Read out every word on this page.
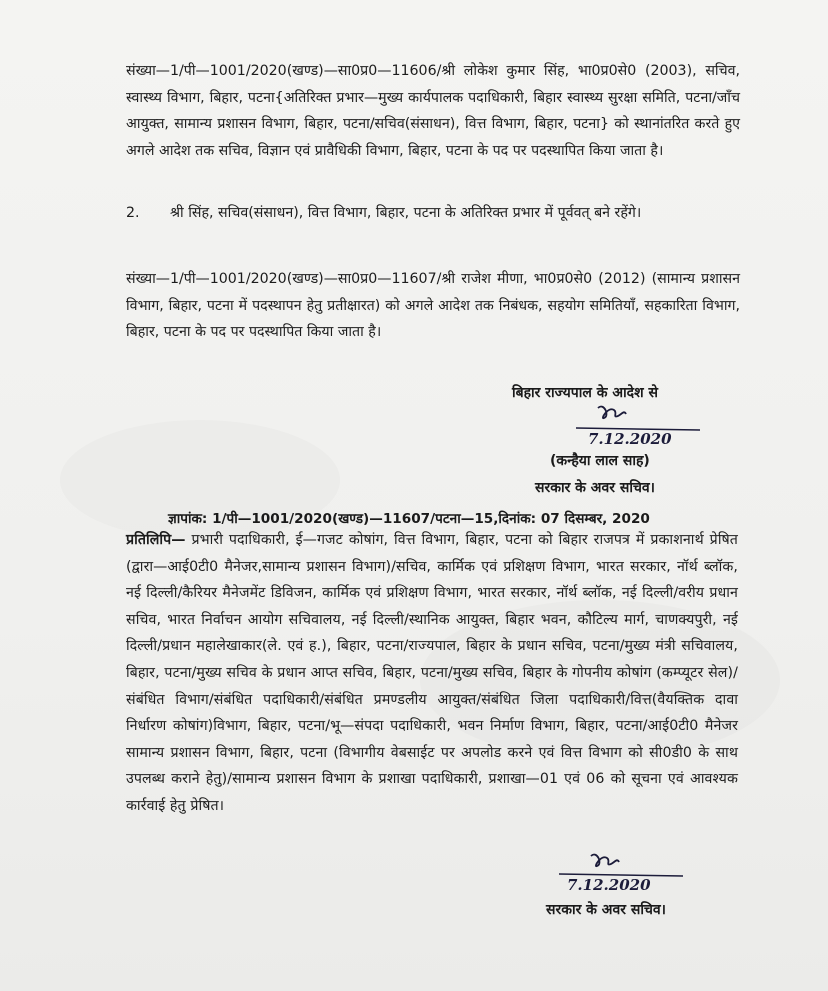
संख्या—1/पी—1001/2020(खण्ड)—सा0प्र0—11606/श्री लोकेश कुमार सिंह, भा0प्र0से0 (2003), सचिव, स्वास्थ्य विभाग, बिहार, पटना{अतिरिक्त प्रभार—मुख्य कार्यपालक पदाधिकारी, बिहार स्वास्थ्य सुरक्षा समिति, पटना/जाँच आयुक्त, सामान्य प्रशासन विभाग, बिहार, पटना/सचिव(संसाधन), वित्त विभाग, बिहार, पटना} को स्थानांतरित करते हुए अगले आदेश तक सचिव, विज्ञान एवं प्रावैधिकी विभाग, बिहार, पटना के पद पर पदस्थापित किया जाता है।
2. श्री सिंह, सचिव(संसाधन), वित्त विभाग, बिहार, पटना के अतिरिक्त प्रभार में पूर्ववत् बने रहेंगे।
संख्या—1/पी—1001/2020(खण्ड)—सा0प्र0—11607/श्री राजेश मीणा, भा0प्र0से0 (2012) (सामान्य प्रशासन विभाग, बिहार, पटना में पदस्थापन हेतु प्रतीक्षारत) को अगले आदेश तक निबंधक, सहयोग समितियाँ, सहकारिता विभाग, बिहार, पटना के पद पर पदस्थापित किया जाता है।
बिहार राज्यपाल के आदेश से
7.12.2020
(कन्हैया लाल साह)
सरकार के अवर सचिव।
ज्ञापांक: 1/पी—1001/2020(खण्ड)—11607/पटना—15,दिनांक: 07 दिसम्बर, 2020
प्रतिलिपि— प्रभारी पदाधिकारी, ई—गजट कोषांग, वित्त विभाग, बिहार, पटना को बिहार राजपत्र में प्रकाशनार्थ प्रेषित (द्वारा—आई0टी0 मैनेजर,सामान्य प्रशासन विभाग)/सचिव, कार्मिक एवं प्रशिक्षण विभाग, भारत सरकार, नॉर्थ ब्लॉक, नई दिल्ली/कैरियर मैनेजमेंट डिविजन, कार्मिक एवं प्रशिक्षण विभाग, भारत सरकार, नॉर्थ ब्लॉक, नई दिल्ली/वरीय प्रधान सचिव, भारत निर्वाचन आयोग सचिवालय, नई दिल्ली/स्थानिक आयुक्त, बिहार भवन, कौटिल्य मार्ग, चाणक्यपुरी, नई दिल्ली/प्रधान महालेखाकार(ले. एवं ह.), बिहार, पटना/राज्यपाल, बिहार के प्रधान सचिव, पटना/मुख्य मंत्री सचिवालय, बिहार, पटना/मुख्य सचिव के प्रधान आप्त सचिव, बिहार, पटना/मुख्य सचिव, बिहार के गोपनीय कोषांग (कम्प्यूटर सेल)/संबंधित विभाग/संबंधित पदाधिकारी/संबंधित प्रमण्डलीय आयुक्त/संबंधित जिला पदाधिकारी/वित्त(वैयक्तिक दावा निर्धारण कोषांग)विभाग, बिहार, पटना/भू—संपदा पदाधिकारी, भवन निर्माण विभाग, बिहार, पटना/आई0टी0 मैनेजर सामान्य प्रशासन विभाग, बिहार, पटना (विभागीय वेबसाईट पर अपलोड करने एवं वित्त विभाग को सी0डी0 के साथ उपलब्ध कराने हेतु)/सामान्य प्रशासन विभाग के प्रशाखा पदाधिकारी, प्रशाखा—01 एवं 06 को सूचना एवं आवश्यक कार्रवाई हेतु प्रेषित।
7.12.2020
सरकार के अवर सचिव।
